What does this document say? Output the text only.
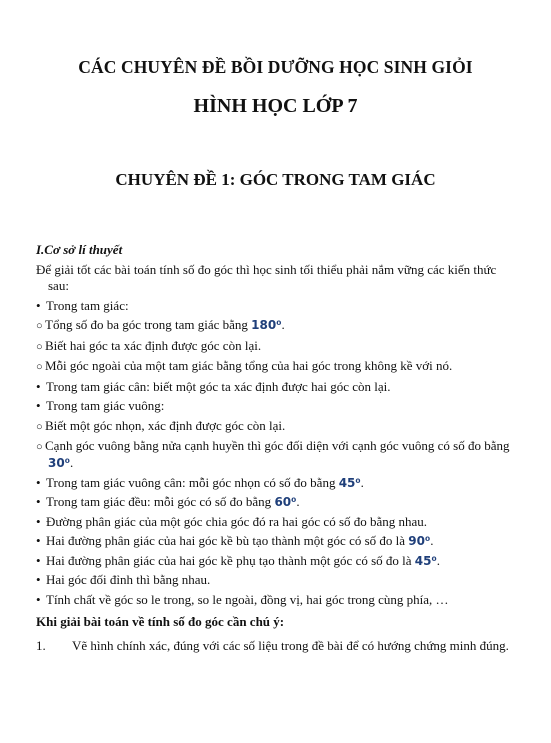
CÁC CHUYÊN ĐỀ BỒI DƯỠNG HỌC SINH GIỎI
HÌNH HỌC LỚP 7
CHUYÊN ĐỀ 1: GÓC TRONG TAM GIÁC
I.Cơ sở lí thuyết
Để giải tốt các bài toán tính số đo góc thì học sinh tối thiểu phải nắm vững các kiến thức sau:
• Trong tam giác:
○ Tổng số đo ba góc trong tam giác bằng 180⁰.
○ Biết hai góc ta xác định được góc còn lại.
○ Mỗi góc ngoài của một tam giác bằng tổng của hai góc trong không kề với nó.
• Trong tam giác cân: biết một góc ta xác định được hai góc còn lại.
• Trong tam giác vuông:
○ Biết một góc nhọn, xác định được góc còn lại.
○ Cạnh góc vuông bằng nửa cạnh huyền thì góc đối diện với cạnh góc vuông có số đo bằng 30⁰.
• Trong tam giác vuông cân: mỗi góc nhọn có số đo bằng 45⁰.
• Trong tam giác đều: mỗi góc có số đo bằng 60⁰.
• Đường phân giác của một góc chia góc đó ra hai góc có số đo bằng nhau.
• Hai đường phân giác của hai góc kề bù tạo thành một góc có số đo là 90⁰.
• Hai đường phân giác của hai góc kề phụ tạo thành một góc có số đo là 45⁰.
• Hai góc đối đỉnh thì bằng nhau.
• Tính chất về góc so le trong, so le ngoài, đồng vị, hai góc trong cùng phía, …
Khi giải bài toán về tính số đo góc cần chú ý:
1.	Vẽ hình chính xác, đúng với các số liệu trong đề bài để có hướng chứng minh đúng.
